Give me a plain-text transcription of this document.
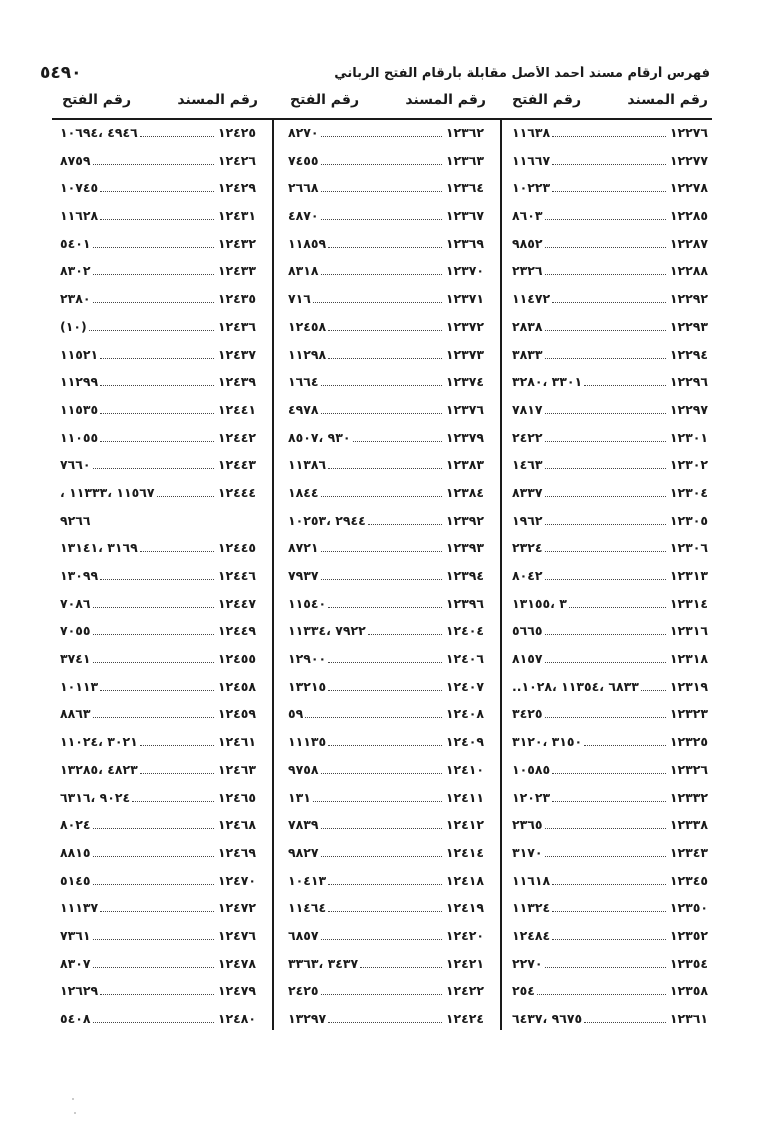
فهرس أرقام مسند أحمد الأصل مقابلة بأرقام الفتح الرباني
٥٤٩٠
رقم المسند
رقم الفتح
رقم المسند
رقم الفتح
رقم المسند
رقم الفتح
١٢٢٧٦
١١٦٣٨
١٢٢٧٧
١١٦٦٧
١٢٢٧٨
١٠٢٢٣
١٢٢٨٥
٨٦٠٣
١٢٢٨٧
٩٨٥٢
١٢٢٨٨
٢٣٢٦
١٢٢٩٢
١١٤٧٢
١٢٢٩٣
٢٨٣٨
١٢٢٩٤
٣٨٣٣
١٢٢٩٦
٣٣٠١ ،٣٢٨٠
١٢٢٩٧
٧٨١٧
١٢٣٠١
٢٤٢٢
١٢٣٠٢
١٤٦٣
١٢٣٠٤
٨٣٣٧
١٢٣٠٥
١٩٦٢
١٢٣٠٦
٢٣٢٤
١٢٣١٣
٨٠٤٢
١٢٣١٤
٣ ،١٣١٥٥
١٢٣١٦
٥٦٦٥
١٢٣١٨
٨١٥٧
١٢٣١٩
٦٨٣٣ ،١١٣٥٤ ،١٠٢٨..
١٢٣٢٣
٣٤٢٥
١٢٣٢٥
٣١٥٠ ،٣١٢٠
١٢٣٢٦
١٠٥٨٥
١٢٣٣٢
١٢٠٢٣
١٢٣٣٨
٢٣٦٥
١٢٣٤٣
٣١٧٠
١٢٣٤٥
١١٦١٨
١٢٣٥٠
١١٣٢٤
١٢٣٥٢
١٢٤٨٤
١٢٣٥٤
٢٢٧٠
١٢٣٥٨
٢٥٤
١٢٣٦١
٩٦٧٥ ،٦٤٣٧
١٢٣٦٢
٨٢٧٠
١٢٣٦٣
٧٤٥٥
١٢٣٦٤
٢٦٦٨
١٢٣٦٧
٤٨٧٠
١٢٣٦٩
١١٨٥٩
١٢٣٧٠
٨٣١٨
١٢٣٧١
٧١٦
١٢٣٧٢
١٢٤٥٨
١٢٣٧٣
١١٢٩٨
١٢٣٧٤
١٦٦٤
١٢٣٧٦
٤٩٧٨
١٢٣٧٩
٩٣٠ ،٨٥٠٧
١٢٣٨٣
١١٣٨٦
١٢٣٨٤
١٨٤٤
١٢٣٩٢
٢٩٤٤ ،١٠٢٥٣
١٢٣٩٣
٨٧٢١
١٢٣٩٤
٧٩٣٧
١٢٣٩٦
١١٥٤٠
١٢٤٠٤
٧٩٢٢ ،١١٣٣٤
١٢٤٠٦
١٢٩٠٠
١٢٤٠٧
١٣٢١٥
١٢٤٠٨
٥٩
١٢٤٠٩
١١١٣٥
١٢٤١٠
٩٧٥٨
١٢٤١١
١٣١
١٢٤١٢
٧٨٣٩
١٢٤١٤
٩٨٢٧
١٢٤١٨
١٠٤١٣
١٢٤١٩
١١٤٦٤
١٢٤٢٠
٦٨٥٧
١٢٤٢١
٣٤٣٧ ،٣٣٦٣
١٢٤٢٢
٢٤٢٥
١٢٤٢٤
١٣٢٩٧
١٢٤٢٥
٤٩٤٦ ،١٠٦٩٤
١٢٤٢٦
٨٧٥٩
١٢٤٢٩
١٠٧٤٥
١٢٤٣١
١١٦٢٨
١٢٤٣٢
٥٤٠١
١٢٤٣٣
٨٣٠٢
١٢٤٣٥
٢٣٨٠
١٢٤٣٦
(١٠)
١٢٤٣٧
١١٥٢١
١٢٤٣٩
١١٢٩٩
١٢٤٤١
١١٥٣٥
١٢٤٤٢
١١٠٥٥
١٢٤٤٣
٧٦٦٠
١٢٤٤٤
١١٥٦٧ ،١١٣٣٣ ،
٩٢٦٦
١٢٤٤٥
٣١٦٩ ،١٣١٤١
١٢٤٤٦
١٣٠٩٩
١٢٤٤٧
٧٠٨٦
١٢٤٤٩
٧٠٥٥
١٢٤٥٥
٣٧٤١
١٢٤٥٨
١٠١١٣
١٢٤٥٩
٨٨٦٣
١٢٤٦١
٣٠٢١ ،١١٠٢٤
١٢٤٦٣
٤٨٢٣ ،١٣٢٨٥
١٢٤٦٥
٩٠٢٤ ،٦٣١٦
١٢٤٦٨
٨٠٢٤
١٢٤٦٩
٨٨١٥
١٢٤٧٠
٥١٤٥
١٢٤٧٢
١١١٣٧
١٢٤٧٦
٧٣٦١
١٢٤٧٨
٨٣٠٧
١٢٤٧٩
١٢٦٢٩
١٢٤٨٠
٥٤٠٨
